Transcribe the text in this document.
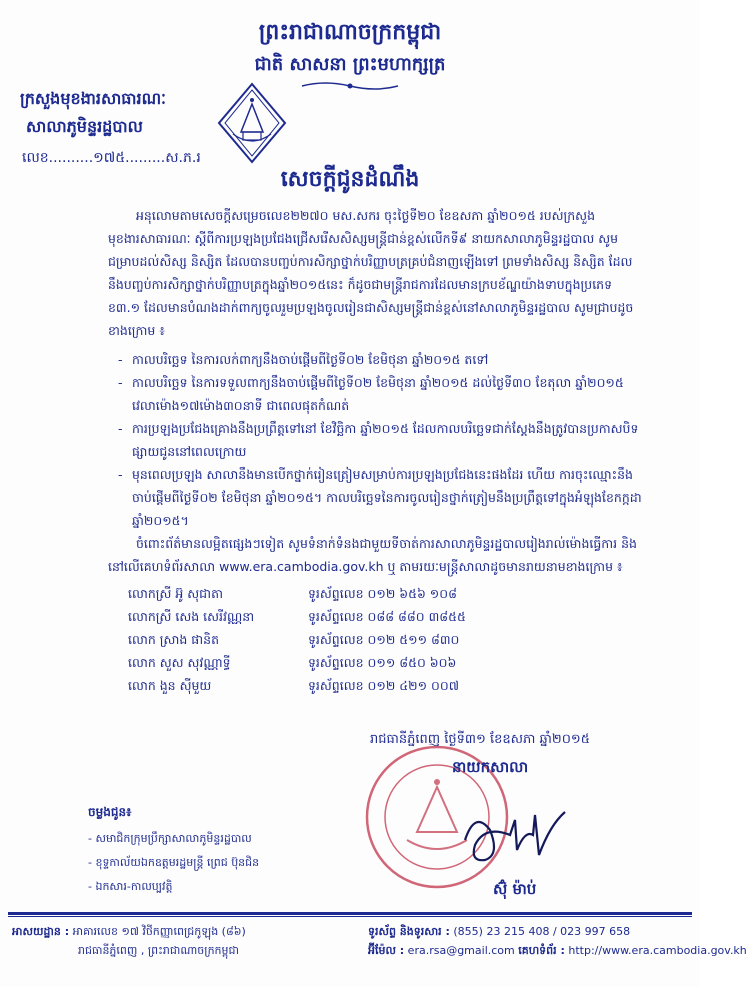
ព្រះរាជាណាចក្រកម្ពុជា
ជាតិ សាសនា ព្រះមហាក្សត្រ
ក្រសួងមុខងារសាធារណៈ
សាលាភូមិន្ទរដ្ឋបាល
លេខ..........១៧៥.........ស.ភ.រ
សេចក្តីជូនដំណឹង

អនុលោមតាមសេចក្តីសម្រេចលេខ២២៧០ មស.សករ ចុះថ្ងៃទី២០ ខែឧសភា ឆ្នាំ២០១៥ របស់ក្រសួងមុខងារសាធារណៈ ស្តីពីការប្រឡងប្រជែងជ្រើសរើសសិស្សមន្ត្រីជាន់ខ្ពស់លើកទី៩ នាយកសាលាភូមិន្ទរដ្ឋបាល សូមជម្រាបដល់សិស្ស និស្សិត ដែលបានបញ្ចប់ការសិក្សាថ្នាក់បរិញ្ញាបត្រគ្រប់ជំនាញឡើងទៅ ព្រមទាំងសិស្ស និស្សិត ដែលនឹងបញ្ចប់ការសិក្សាថ្នាក់បរិញ្ញាបត្រក្នុងឆ្នាំ២០១៥នេះ ក៏ដូចជាមន្ត្រីរាជការដែលមានក្របខ័ណ្ឌយ៉ាងទាបក្នុងប្រភេទ ខ៣.១ ដែលមានបំណងដាក់ពាក្យចូលរួមប្រឡងចូលរៀនជាសិស្សមន្ត្រីជាន់ខ្ពស់នៅសាលាភូមិន្ទរដ្ឋបាល សូមជ្រាបដូចខាងក្រោម ៖

- កាលបរិច្ឆេទ នៃការលក់ពាក្យនឹងចាប់ផ្តើមពីថ្ងៃទី០២ ខែមិថុនា ឆ្នាំ២០១៥ តទៅ
- កាលបរិច្ឆេទ នៃការទទួលពាក្យនឹងចាប់ផ្តើមពីថ្ងៃទី០២ ខែមិថុនា ឆ្នាំ២០១៥ ដល់ថ្ងៃទី៣០ ខែតុលា ឆ្នាំ២០១៥ វេលាម៉ោង១៧ម៉ោង៣០នាទី ជាពេលផុតកំណត់
- ការប្រឡងប្រជែងគ្រោងនឹងប្រព្រឹត្តទៅនៅ ខែវិច្ឆិកា ឆ្នាំ២០១៥ ដែលកាលបរិច្ឆេទជាក់ស្តែងនឹងត្រូវបានប្រកាសបិទផ្សាយជូននៅពេលក្រោយ
- មុនពេលប្រឡង សាលានឹងមានបើកថ្នាក់រៀនត្រៀមសម្រាប់ការប្រឡងប្រជែងនេះផងដែរ ហើយ ការចុះឈ្មោះនឹងចាប់ផ្តើមពីថ្ងៃទី០២ ខែមិថុនា ឆ្នាំ២០១៥។ កាលបរិច្ឆេទនៃការចូលរៀនថ្នាក់ត្រៀមនឹងប្រព្រឹត្តទៅក្នុងអំឡុងខែកក្កដា ឆ្នាំ២០១៥។

ចំពោះព័ត៌មានលម្អិតផ្សេងៗទៀត សូមទំនាក់ទំនងជាមួយទីចាត់ការសាលាភូមិន្ទរដ្ឋបាលរៀងរាល់ម៉ោងធ្វើការ និងនៅលើគេហទំព័រសាលា www.era.cambodia.gov.kh ឬ តាមរយៈមន្ត្រីសាលាដូចមានរាយនាមខាងក្រោម ៖

លោកស្រី អ៊ូ សុជាតា	ទូរស័ព្ទលេខ ០១២ ៦៥៦ ១០៨
លោកស្រី សេង សេរីវណ្ណនា	ទូរស័ព្ទលេខ ០៨៨ ៨៨០ ៣៨៥៥
លោក ស្រាង ផានិត	ទូរស័ព្ទលេខ ០១២ ៥១១ ៨៣០
លោក សួស សុវណ្ណាទ្ធី	ទូរស័ព្ទលេខ ០១១ ៨៥០ ៦០៦
លោក ងួន ស៊ីមួយ	ទូរស័ព្ទលេខ ០១២ ៤២១ ០០៧
រាជធានីភ្នំពេញ ថ្ងៃទី៣១ ខែឧសភា ឆ្នាំ២០១៥
នាយកសាលា
ស៊ុំ ម៉ាប់
ចម្លងជូន៖
- សមាជិកក្រុមប្រឹក្សាសាលាភូមិន្ទរដ្ឋបាល
- ខុទ្ទកាល័យឯកឧត្តមរដ្ឋមន្ត្រី ព្រេជ ប៊ុនជិន
- ឯកសារ-កាលប្បវត្តិ
អាសយដ្ឋាន : អាគារលេខ ១៧ វិថីកញ្ញាពេជ្រកូឡុង (៨៦)
រាជធានីភ្នំពេញ , ព្រះរាជាណាចក្រកម្ពុជា
ទូរស័ព្ទ និងទូរសារ : (855) 23 215 408 / 023 997 658
អ៊ីម៉ែល : era.rsa@gmail.com គេហទំព័រ : http://www.era.cambodia.gov.kh
